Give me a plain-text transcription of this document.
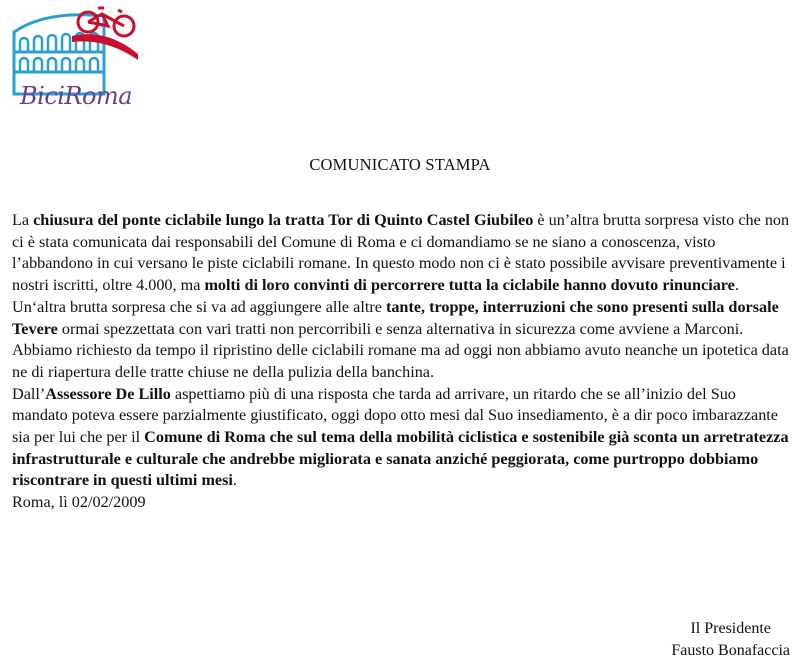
BiciRoma
COMUNICATO STAMPA

La chiusura del ponte ciclabile lungo la tratta Tor di Quinto Castel Giubileo è un’altra brutta sorpresa visto che non ci è stata comunicata dai responsabili del Comune di Roma e ci domandiamo se ne siano a conoscenza, visto l’abbandono in cui versano le piste ciclabili romane. In questo modo non ci è stato possibile avvisare preventivamente i nostri iscritti, oltre 4.000, ma molti di loro convinti di percorrere tutta la ciclabile hanno dovuto rinunciare.

Un‘altra brutta sorpresa che si va ad aggiungere alle altre tante, troppe, interruzioni che sono presenti sulla dorsale Tevere ormai spezzettata con vari tratti non percorribili e senza alternativa in sicurezza come avviene a Marconi.

Abbiamo richiesto da tempo il ripristino delle ciclabili romane ma ad oggi non abbiamo avuto neanche un ipotetica data ne di riapertura delle tratte chiuse ne della pulizia della banchina.

Dall’Assessore De Lillo aspettiamo più di una risposta che tarda ad arrivare, un ritardo che se all’inizio del Suo mandato poteva essere parzialmente giustificato, oggi dopo otto mesi dal Suo insediamento, è a dir poco imbarazzante sia per lui che per il Comune di Roma che sul tema della mobilità ciclistica e sostenibile già sconta un arretratezza infrastrutturale e culturale che andrebbe migliorata e sanata anziché peggiorata, come purtroppo dobbiamo riscontrare in questi ultimi mesi.

Roma, lì 02/02/2009

Il Presidente
Fausto Bonafaccia
